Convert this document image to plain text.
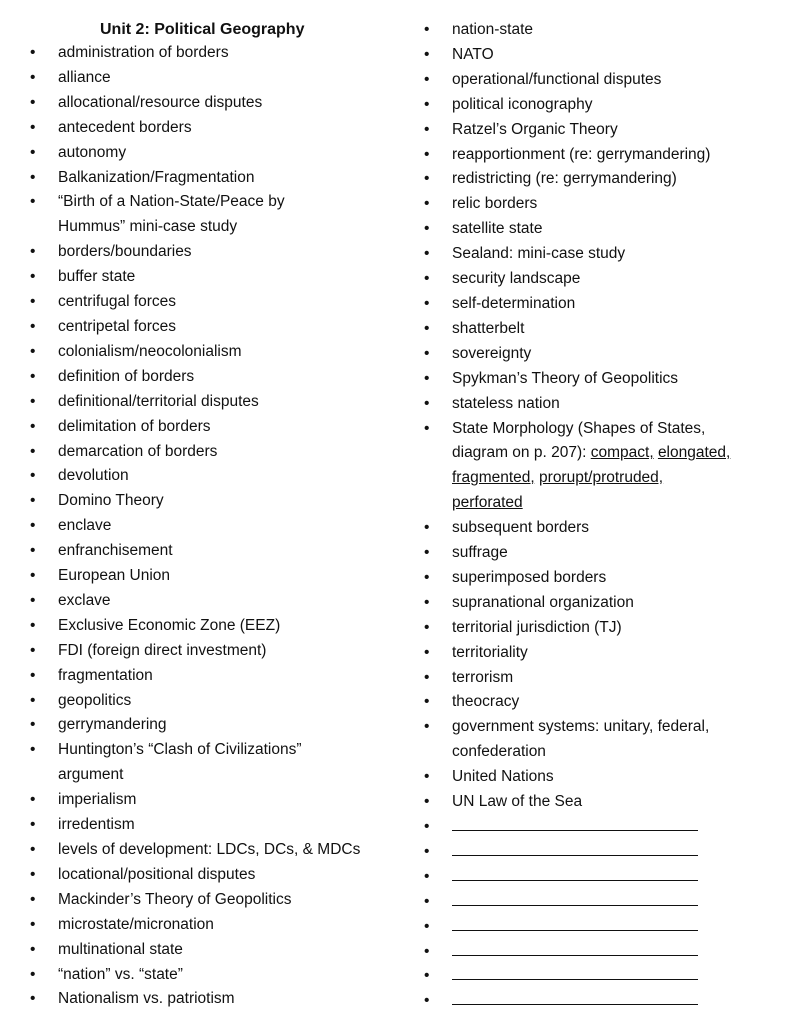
Unit 2: Political Geography
• administration of borders
• alliance
• allocational/resource disputes
• antecedent borders
• autonomy
• Balkanization/Fragmentation
• “Birth of a Nation-State/Peace by
Hummus” mini-case study
• borders/boundaries
• buffer state
• centrifugal forces
• centripetal forces
• colonialism/neocolonialism
• definition of borders
• definitional/territorial disputes
• delimitation of borders
• demarcation of borders
• devolution
• Domino Theory
• enclave
• enfranchisement
• European Union
• exclave
• Exclusive Economic Zone (EEZ)
• FDI (foreign direct investment)
• fragmentation
• geopolitics
• gerrymandering
• Huntington’s “Clash of Civilizations”
argument
• imperialism
• irredentism
• levels of development: LDCs, DCs, & MDCs
• locational/positional disputes
• Mackinder’s Theory of Geopolitics
• microstate/micronation
• multinational state
• “nation” vs. “state”
• Nationalism vs. patriotism
• nation-state
• NATO
• operational/functional disputes
• political iconography
• Ratzel’s Organic Theory
• reapportionment (re: gerrymandering)
• redistricting (re: gerrymandering)
• relic borders
• satellite state
• Sealand: mini-case study
• security landscape
• self-determination
• shatterbelt
• sovereignty
• Spykman’s Theory of Geopolitics
• stateless nation
• State Morphology (Shapes of States,
diagram on p. 207): compact, elongated,
fragmented, prorupt/protruded,
perforated
• subsequent borders
• suffrage
• superimposed borders
• supranational organization
• territorial jurisdiction (TJ)
• territoriality
• terrorism
• theocracy
• government systems: unitary, federal,
confederation
• United Nations
• UN Law of the Sea
•
•
•
•
•
•
•
•
